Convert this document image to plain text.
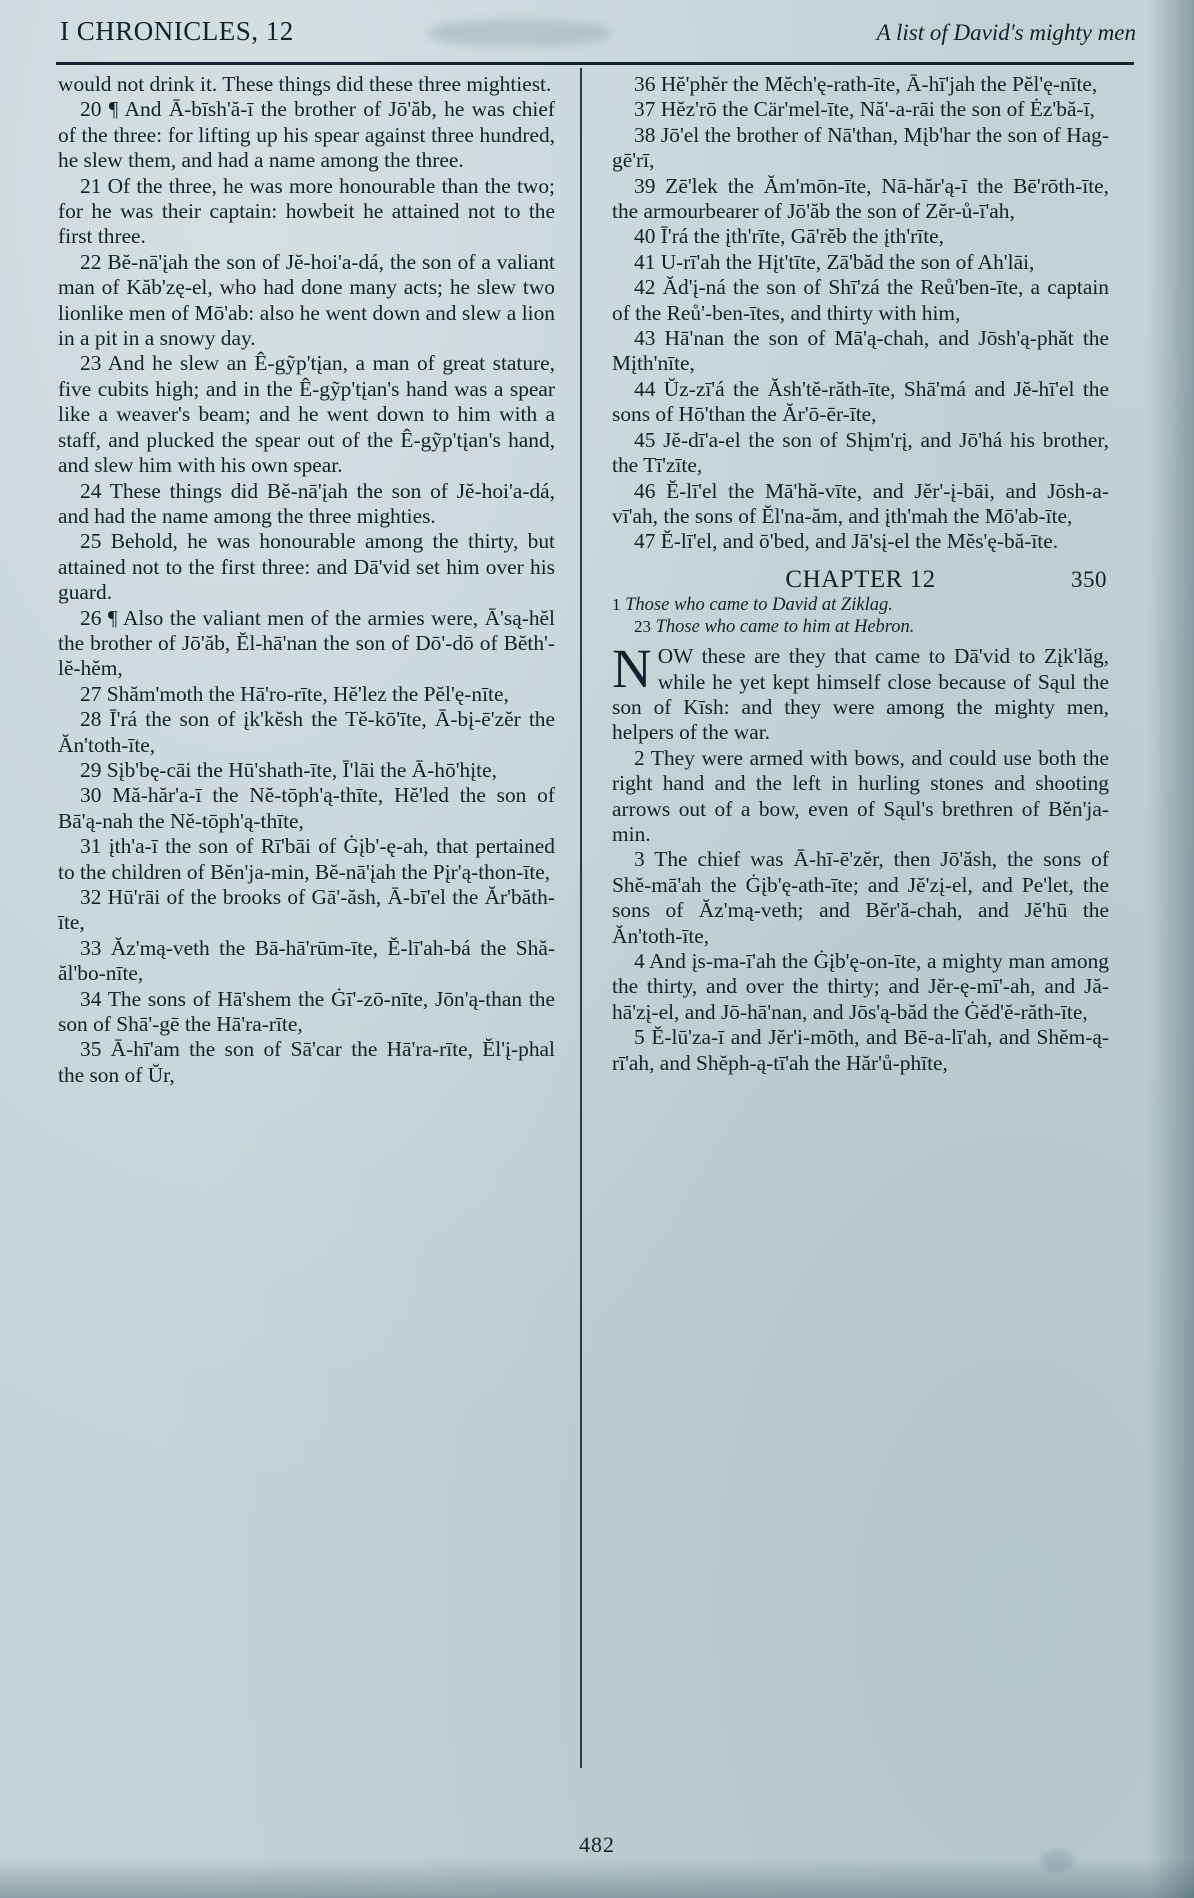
I CHRONICLES, 12	A list of David's mighty men

would not drink it. These things did these three mightiest.

20 ¶ And Ā-bīsh'ă-ī the brother of Jō'ăb, he was chief of the three: for lifting up his spear against three hundred, he slew them, and had a name among the three.

21 Of the three, he was more honourable than the two; for he was their captain: howbeit he attained not to the first three.

22 Bĕ-nā'įah the son of Jĕ-hoi'a-dá, the son of a valiant man of Kăb'zę-el, who had done many acts; he slew two lionlike men of Mō'ab: also he went down and slew a lion in a pit in a snowy day.

23 And he slew an Ê-gỹp'tįan, a man of great stature, five cubits high; and in the Ê-gỹp'tįan's hand was a spear like a weaver's beam; and he went down to him with a staff, and plucked the spear out of the Ê-gỹp'tįan's hand, and slew him with his own spear.

24 These things did Bĕ-nā'įah the son of Jĕ-hoi'a-dá, and had the name among the three mighties.

25 Behold, he was honourable among the thirty, but attained not to the first three: and Dā'vid set him over his guard.

26 ¶ Also the valiant men of the armies were, Ā'są-hĕl the brother of Jō'ăb, Ĕl-hā'nan the son of Dō'-dō of Bĕth'-lĕ-hĕm,

27 Shăm'moth the Hā'ro-rīte, Hĕ'lez the Pĕl'ę-nīte,

28 Ī'rá the son of įk'kĕsh the Tĕ-kō'īte, Ā-bį-ē'zĕr the Ăn'toth-īte,

29 Sįb'bę-cāi the Hū'shath-īte, Ī'lāi the Ā-hō'hįte,

30 Mă-hăr'a-ī the Nĕ-tōph'ą-thīte, Hĕ'led the son of Bā'ą-nah the Nĕ-tōph'ą-thīte,

31 įth'a-ī the son of Rī'bāi of Ġįb'-ę-ah, that pertained to the children of Bĕn'ja-min, Bĕ-nā'įah the Pįr'ą-thon-īte,

32 Hū'rāi of the brooks of Gā'-ăsh, Ā-bī'el the Ăr'băth-īte,

33 Ăz'mą-veth the Bā-hā'rūm-īte, Ĕ-lī'ah-bá the Shă-ăl'bo-nīte,

34 The sons of Hā'shem the Ġī'-zō-nīte, Jōn'ą-than the son of Shā'-gē the Hā'ra-rīte,

35 Ā-hī'am the son of Sā'car the Hā'ra-rīte, Ĕl'į-phal the son of Ŭr,

36 Hĕ'phĕr the Mĕch'ę-rath-īte, Ā-hī'jah the Pĕl'ę-nīte,

37 Hĕz'rō the Cär'mel-īte, Nă'-a-rāi the son of Ėz'bă-ī,

38 Jō'el the brother of Nā'than, Mįb'har the son of Hag-gē'rī,

39 Zē'lek the Ăm'mōn-īte, Nā-hăr'ą-ī the Bē'rōth-īte, the armourbearer of Jō'ăb the son of Zĕr-ů-ī'ah,

40 Ī'rá the įth'rīte, Gā'rĕb the įth'rīte,

41 U-rī'ah the Hįt'tīte, Zā'băd the son of Ah'lāi,

42 Ăd'į-ná the son of Shī'zá the Reů'ben-īte, a captain of the Reů'-ben-ītes, and thirty with him,

43 Hā'nan the son of Mā'ą-chah, and Jōsh'ą-phăt the Mįth'nīte,

44 Ŭz-zī'á the Ăsh'tĕ-răth-īte, Shā'má and Jĕ-hī'el the sons of Hō'than the Ăr'ō-ēr-īte,

45 Jĕ-dī'a-el the son of Shįm'rį, and Jō'há his brother, the Tī'zīte,

46 Ĕ-lī'el the Mā'hă-vīte, and Jĕr'-į-bāi, and Jōsh-a-vī'ah, the sons of Ĕl'na-ăm, and įth'mah the Mō'ab-īte,

47 Ĕ-lī'el, and ō'bed, and Jā'sį-el the Mĕs'ę-bă-īte.

CHAPTER 12	350

1 Those who came to David at Ziklag.

23 Those who came to him at Hebron.

NOW these are they that came to Dā'vid to Zįk'lăg, while he yet kept himself close because of Sąul the son of Kīsh: and they were among the mighty men, helpers of the war.

2 They were armed with bows, and could use both the right hand and the left in hurling stones and shooting arrows out of a bow, even of Sąul's brethren of Bĕn'ja-min.

3 The chief was Ā-hī-ē'zĕr, then Jō'ăsh, the sons of Shĕ-mā'ah the Ġįb'ę-ath-īte; and Jĕ'zį-el, and Pe'let, the sons of Ăz'mą-veth; and Bĕr'ă-chah, and Jĕ'hū the Ăn'toth-īte,

4 And įs-ma-ī'ah the Ġįb'ę-on-īte, a mighty man among the thirty, and over the thirty; and Jĕr-ę-mī'-ah, and Jă-hā'zį-el, and Jō-hā'nan, and Jōs'ą-băd the Ġĕd'ĕ-răth-īte,

5 Ĕ-lū'za-ī and Jĕr'i-mōth, and Bē-a-lī'ah, and Shĕm-ą-rī'ah, and Shĕph-ą-tī'ah the Hăr'ů-phīte,

482
